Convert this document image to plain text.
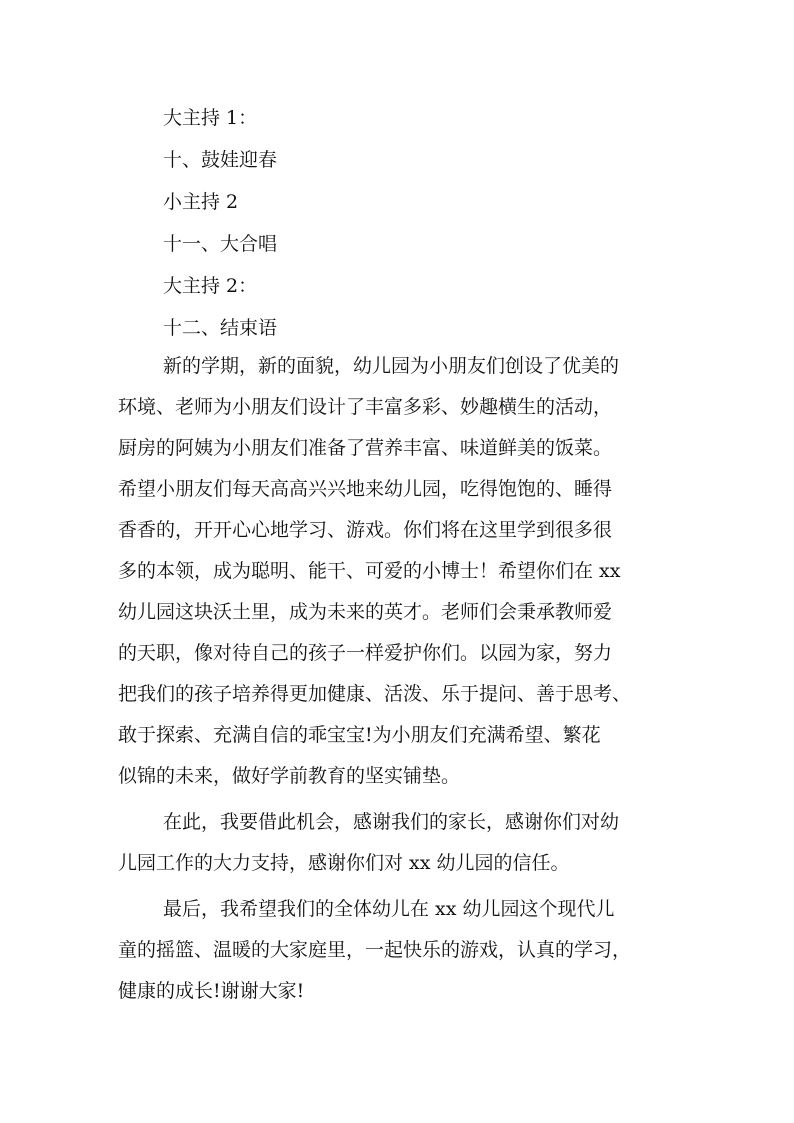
大主持 1：
十、鼓娃迎春
小主持 2
十一、大合唱
大主持 2：
十二、结束语
新的学期，新的面貌，幼儿园为小朋友们创设了优美的
环境、老师为小朋友们设计了丰富多彩、妙趣横生的活动，
厨房的阿姨为小朋友们准备了营养丰富、味道鲜美的饭菜。
希望小朋友们每天高高兴兴地来幼儿园，吃得饱饱的、睡得
香香的，开开心心地学习、游戏。你们将在这里学到很多很
多的本领，成为聪明、能干、可爱的小博士！希望你们在 xx
幼儿园这块沃土里，成为未来的英才。老师们会秉承教师爱
的天职，像对待自己的孩子一样爱护你们。以园为家，努力
把我们的孩子培养得更加健康、活泼、乐于提问、善于思考、
敢于探索、充满自信的乖宝宝!为小朋友们充满希望、繁花
似锦的未来，做好学前教育的坚实铺垫。
在此，我要借此机会，感谢我们的家长，感谢你们对幼
儿园工作的大力支持，感谢你们对 xx 幼儿园的信任。
最后，我希望我们的全体幼儿在 xx 幼儿园这个现代儿
童的摇篮、温暖的大家庭里，一起快乐的游戏，认真的学习，
健康的成长!谢谢大家!
